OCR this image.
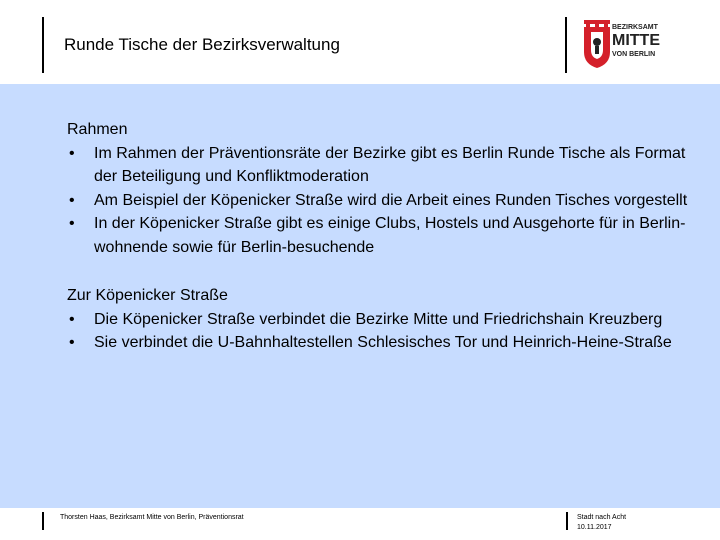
Runde Tische der Bezirksverwaltung
BEZIRKSAMT
MITTE
VON BERLIN

Rahmen

• Im Rahmen der Präventionsräte der Bezirke gibt es Berlin Runde Tische als Format der Beteiligung und Konfliktmoderation
• Am Beispiel der Köpenicker Straße wird die Arbeit eines Runden Tisches vorgestellt
• In der Köpenicker Straße gibt es einige Clubs, Hostels und Ausgehorte für in Berlin-wohnende sowie für Berlin-besuchende

Zur Köpenicker Straße

• Die Köpenicker Straße verbindet die Bezirke Mitte und Friedrichshain Kreuzberg
• Sie verbindet die U-Bahnhaltestellen Schlesisches Tor und Heinrich-Heine-Straße
Thorsten Haas, Bezirksamt Mitte von Berlin, Präventionsrat	Stadt nach Acht
10.11.2017
